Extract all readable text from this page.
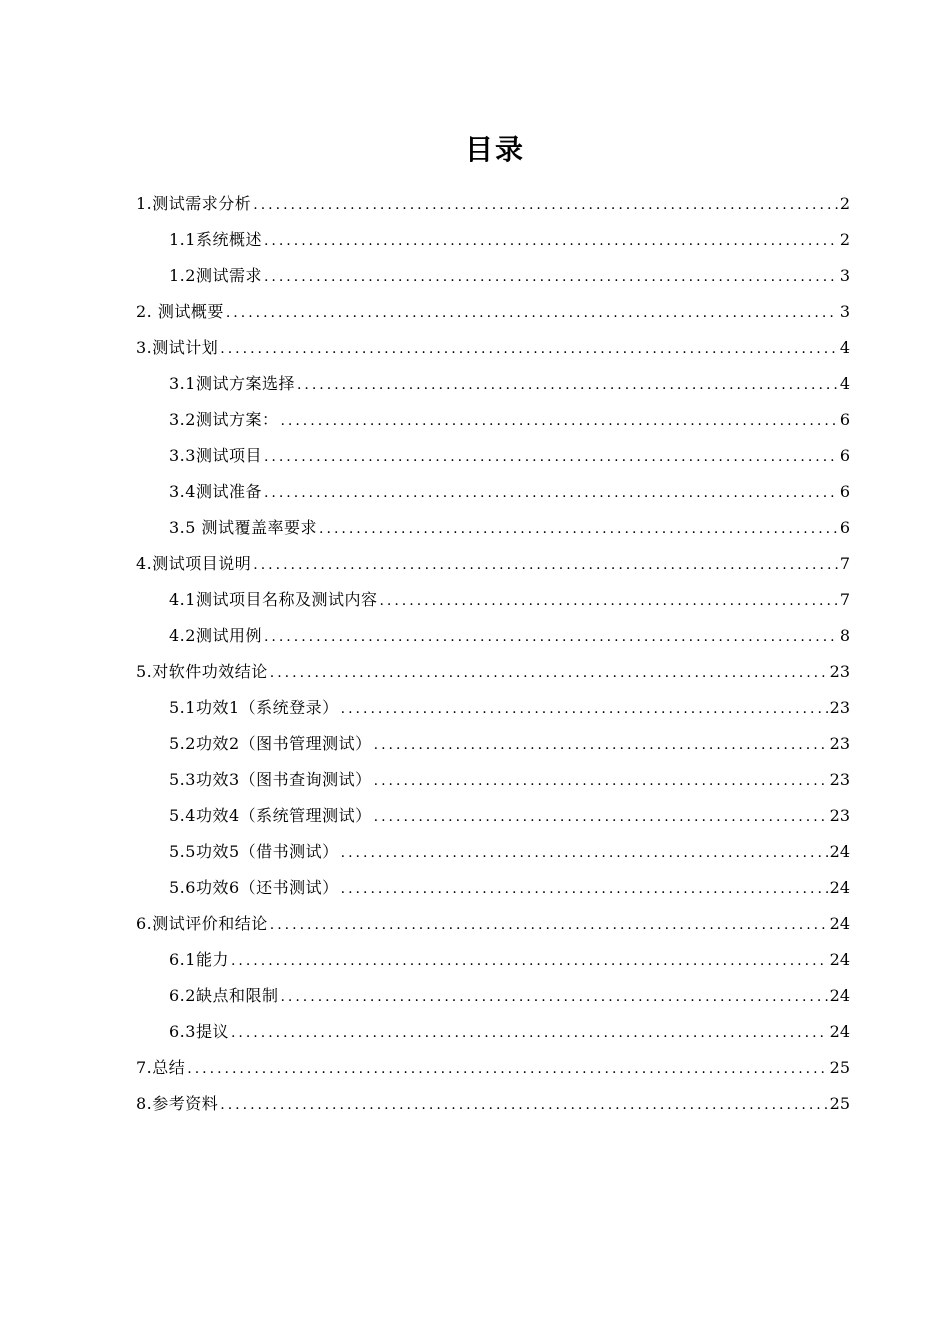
目录
1.测试需求分析 .....	2
1.1系统概述 .....	2
1.2测试需求 .....	3
2. 测试概要 .....	3
3.测试计划 .....	4
3.1测试方案选择 .....	4
3.2测试方案： .....	6
3.3测试项目 .....	6
3.4测试准备 .....	6
3.5 测试覆盖率要求 .....	6
4.测试项目说明 .....	7
4.1测试项目名称及测试内容 .....	7
4.2测试用例 .....	8
5.对软件功效结论 .....	23
5.1功效1（系统登录） .....	23
5.2功效2（图书管理测试） .....	23
5.3功效3（图书查询测试） .....	23
5.4功效4（系统管理测试） .....	23
5.5功效5（借书测试） .....	24
5.6功效6（还书测试） .....	24
6.测试评价和结论 .....	24
6.1能力 .....	24
6.2缺点和限制 .....	24
6.3提议 .....	24
7.总结 .....	25
8.参考资料 .....	25
